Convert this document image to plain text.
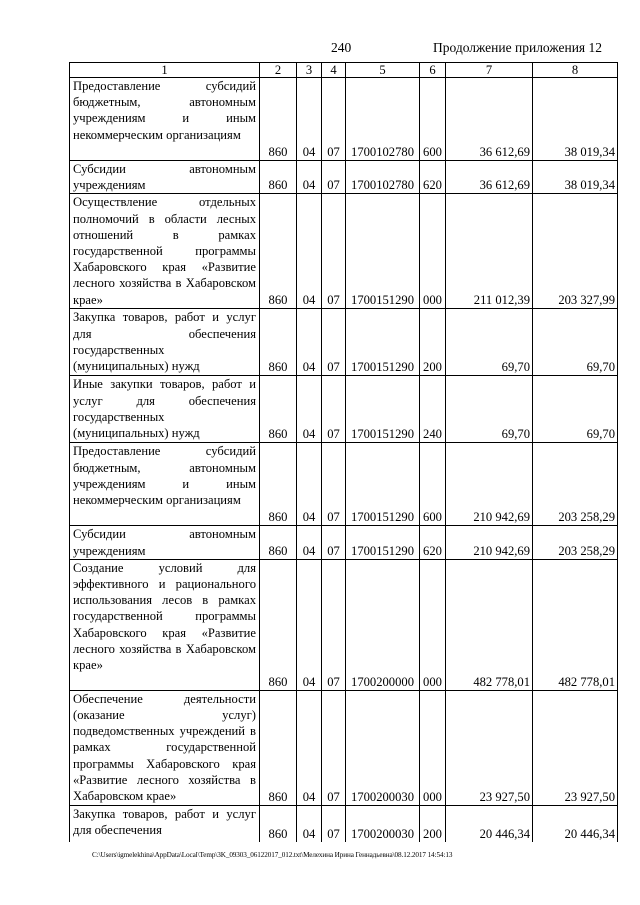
240	Продолжение приложения 12
1	2	3	4	5	6	7	8
Предоставление субсидий бюджетным, автономным учреждениям и иным некоммерческим организациям	860	04	07	1700102780	600	36 612,69	38 019,34
Субсидии автономным учреждениям	860	04	07	1700102780	620	36 612,69	38 019,34
Осуществление отдельных полномочий в области лесных отношений в рамках государственной программы Хабаровского края «Развитие лесного хозяйства в Хабаровском крае»	860	04	07	1700151290	000	211 012,39	203 327,99
Закупка товаров, работ и услуг для обеспечения государственных (муниципальных) нужд	860	04	07	1700151290	200	69,70	69,70
Иные закупки товаров, работ и услуг для обеспечения государственных (муниципальных) нужд	860	04	07	1700151290	240	69,70	69,70
Предоставление субсидий бюджетным, автономным учреждениям и иным некоммерческим организациям	860	04	07	1700151290	600	210 942,69	203 258,29
Субсидии автономным учреждениям	860	04	07	1700151290	620	210 942,69	203 258,29
Создание условий для эффективного и рационального использования лесов в рамках государственной программы Хабаровского края «Развитие лесного хозяйства в Хабаровском крае»	860	04	07	1700200000	000	482 778,01	482 778,01
Обеспечение деятельности (оказание услуг) подведомственных учреждений в рамках государственной программы Хабаровского края «Развитие лесного хозяйства в Хабаровском крае»	860	04	07	1700200030	000	23 927,50	23 927,50
Закупка товаров, работ и услуг для обеспечения	860	04	07	1700200030	200	20 446,34	20 446,34
C:\Users\igmelekhina\AppData\Local\Temp\3K_09303_06122017_012.txt\Мелехина Ирина Геннадьевна\08.12.2017 14:54:13
